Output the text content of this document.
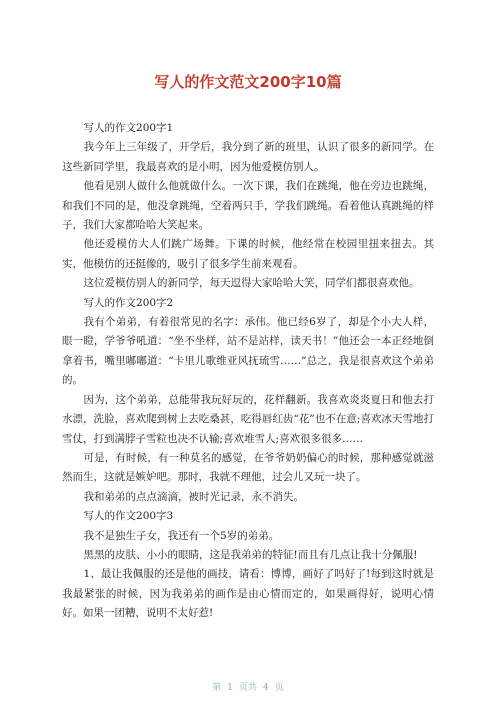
写人的作文范文200字10篇

写人的作文200字1

我今年上三年级了，开学后，我分到了新的班里，认识了很多的新同学。在这些新同学里，我最喜欢的是小明，因为他爱模仿别人。

他看见别人做什么他就做什么。一次下课，我们在跳绳，他在旁边也跳绳，和我们不同的是，他没拿跳绳，空着两只手，学我们跳绳。看着他认真跳绳的样子，我们大家都哈哈大笑起来。

他还爱模仿大人们跳广场舞。下课的时候，他经常在校园里扭来扭去。其实，他模仿的还挺像的，吸引了很多学生前来观看。

这位爱模仿别人的新同学，每天逗得大家哈哈大笑，同学们都很喜欢他。

写人的作文200字2

我有个弟弟，有着很常见的名字：承伟。他已经6岁了，却是个小大人样，眼一瞪，学爷爷吼道：“坐不坐样，站不是站样，读天书！”他还会一本正经地倒拿着书，嘴里嘟嘟道：“卡里儿歌维亚风抚琉雪……”总之，我是很喜欢这个弟弟的。

因为，这个弟弟，总能带我玩好玩的，花样翻新。我喜欢炎炎夏日和他去打水漂，洗脸，喜欢爬到树上去吃桑甚，吃得唇红齿“花”也不在意;喜欢冰天雪地打雪仗，打到满脖子雪粒也决不认输;喜欢堆雪人;喜欢很多很多……

可是，有时候，有一种莫名的感觉，在爷爷奶奶偏心的时候，那种感觉就滋然而生，这就是嫉妒吧。那时，我就不理他，过会儿又玩一块了。

我和弟弟的点点滴滴，被时光记录，永不消失。

写人的作文200字3

我不是独生子女，我还有一个5岁的弟弟。

黑黑的皮肤、小小的眼睛，这是我弟弟的特征!而且有几点让我十分佩服!

1、最让我佩服的还是他的画技，请看：博博，画好了吗好了!每到这时就是我最紧张的时候，因为我弟弟的画作是由心情而定的，如果画得好，说明心情好。如果一团糟，说明不太好惹!

第 1 页共 4 页
